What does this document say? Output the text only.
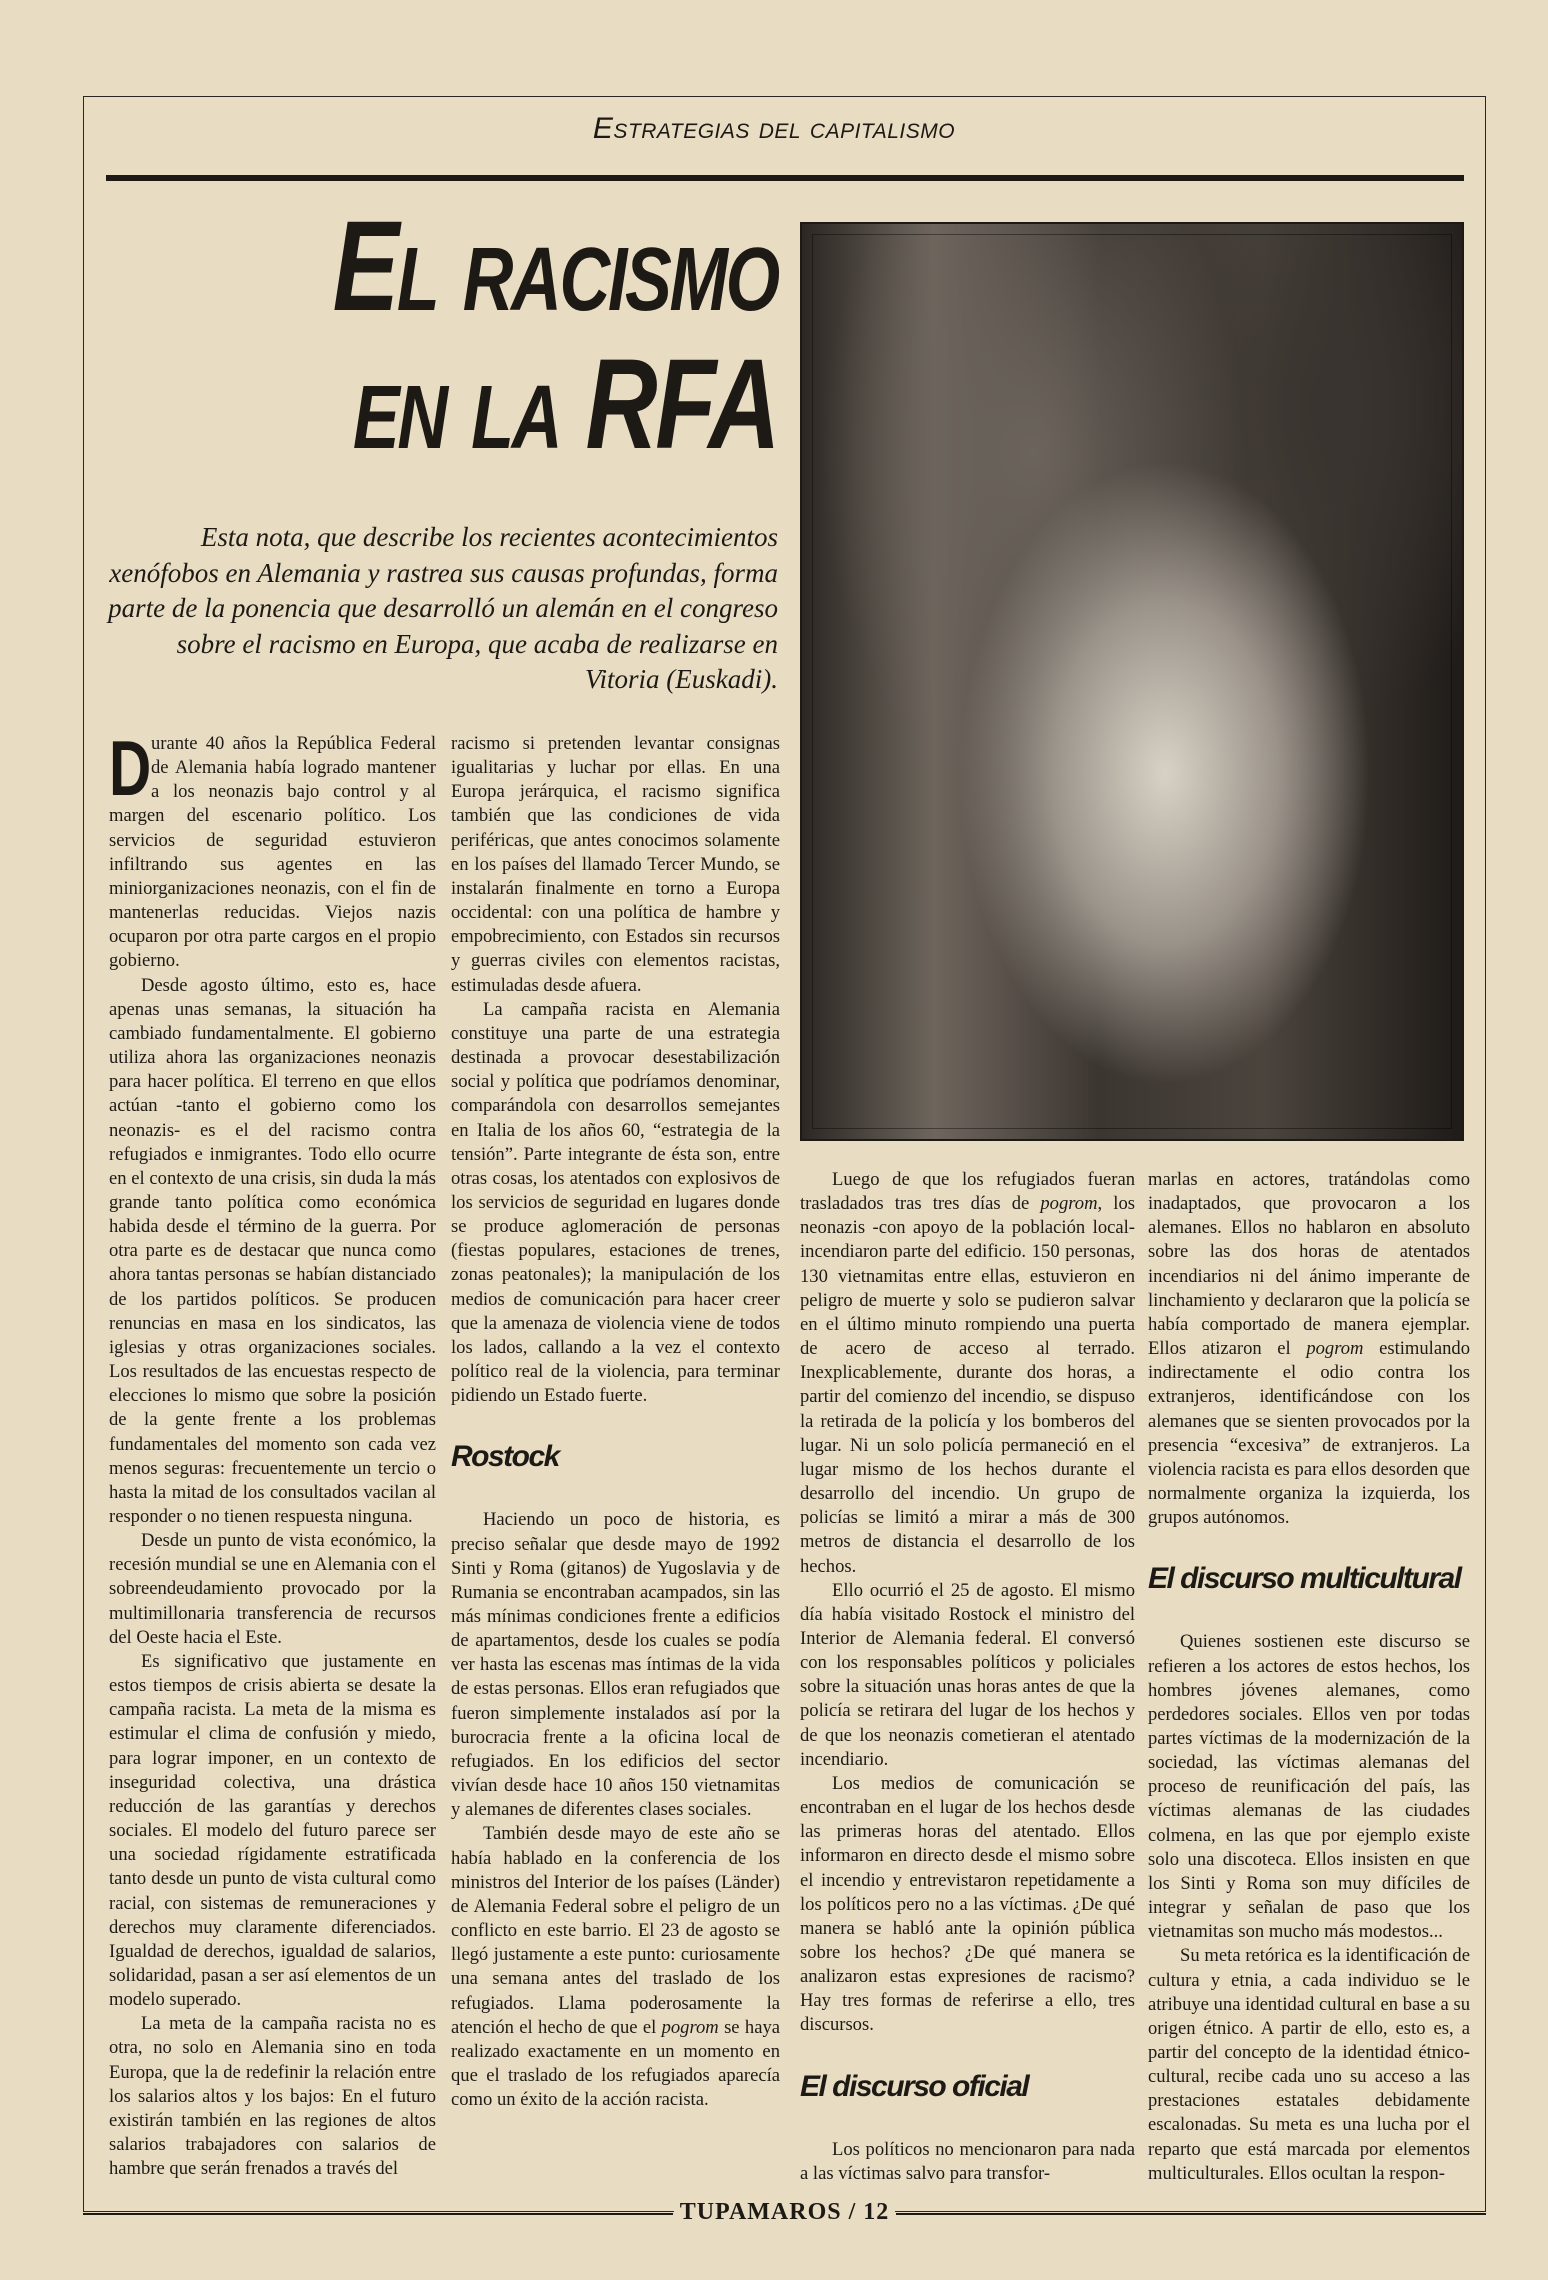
Estrategias del capitalismo
El racismo
en la RFA
Esta nota, que describe los recientes acontecimientos xenófobos en Alemania y rastrea sus causas profundas, forma parte de la ponencia que desarrolló un alemán en el congreso sobre el racismo en Europa, que acaba de realizarse en Vitoria (Euskadi).
D urante 40 años la República Federal de Alemania había logrado mantener a los neonazis bajo control y al margen del escenario político. Los servicios de seguridad estuvieron infiltrando sus agentes en las miniorganizaciones neonazis, con el fin de mantenerlas reducidas. Viejos nazis ocuparon por otra parte cargos en el propio gobierno.

Desde agosto último, esto es, hace apenas unas semanas, la situación ha cambiado fundamentalmente. El gobierno utiliza ahora las organizaciones neonazis para hacer política. El terreno en que ellos actúan -tanto el gobierno como los neonazis- es el del racismo contra refugiados e inmigrantes. Todo ello ocurre en el contexto de una crisis, sin duda la más grande tanto política como económica habida desde el término de la guerra. Por otra parte es de destacar que nunca como ahora tantas personas se habían distanciado de los partidos políticos. Se producen renuncias en masa en los sindicatos, las iglesias y otras organizaciones sociales. Los resultados de las encuestas respecto de elecciones lo mismo que sobre la posición de la gente frente a los problemas fundamentales del momento son cada vez menos seguras: frecuentemente un tercio o hasta la mitad de los consultados vacilan al responder o no tienen respuesta ninguna.

Desde un punto de vista económico, la recesión mundial se une en Alemania con el sobreendeudamiento provocado por la multimillonaria transferencia de recursos del Oeste hacia el Este.

Es significativo que justamente en estos tiempos de crisis abierta se desate la campaña racista. La meta de la misma es estimular el clima de confusión y miedo, para lograr imponer, en un contexto de inseguridad colectiva, una drástica reducción de las garantías y derechos sociales. El modelo del futuro parece ser una sociedad rígidamente estratificada tanto desde un punto de vista cultural como racial, con sistemas de remuneraciones y derechos muy claramente diferenciados. Igualdad de derechos, igualdad de salarios, solidaridad, pasan a ser así elementos de un modelo superado.

La meta de la campaña racista no es otra, no solo en Alemania sino en toda Europa, que la de redefinir la relación entre los salarios altos y los bajos: En el futuro existirán también en las regiones de altos salarios trabajadores con salarios de hambre que serán frenados a través del

racismo si pretenden levantar consignas igualitarias y luchar por ellas. En una Europa jerárquica, el racismo significa también que las condiciones de vida periféricas, que antes conocimos solamente en los países del llamado Tercer Mundo, se instalarán finalmente en torno a Europa occidental: con una política de hambre y empobrecimiento, con Estados sin recursos y guerras civiles con elementos racistas, estimuladas desde afuera.

La campaña racista en Alemania constituye una parte de una estrategia destinada a provocar desestabilización social y política que podríamos denominar, comparándola con desarrollos semejantes en Italia de los años 60, “estrategia de la tensión”. Parte integrante de ésta son, entre otras cosas, los atentados con explosivos de los servicios de seguridad en lugares donde se produce aglomeración de personas (fiestas populares, estaciones de trenes, zonas peatonales); la manipulación de los medios de comunicación para hacer creer que la amenaza de violencia viene de todos los lados, callando a la vez el contexto político real de la violencia, para terminar pidiendo un Estado fuerte.

Rostock

Haciendo un poco de historia, es preciso señalar que desde mayo de 1992 Sinti y Roma (gitanos) de Yugoslavia y de Rumania se encontraban acampados, sin las más mínimas condiciones frente a edificios de apartamentos, desde los cuales se podía ver hasta las escenas mas íntimas de la vida de estas personas. Ellos eran refugiados que fueron simplemente instalados así por la burocracia frente a la oficina local de refugiados. En los edificios del sector vivían desde hace 10 años 150 vietnamitas y alemanes de diferentes clases sociales.

También desde mayo de este año se había hablado en la conferencia de los ministros del Interior de los países (Länder) de Alemania Federal sobre el peligro de un conflicto en este barrio. El 23 de agosto se llegó justamente a este punto: curiosamente una semana antes del traslado de los refugiados. Llama poderosamente la atención el hecho de que el pogrom se haya realizado exactamente en un momento en que el traslado de los refugiados aparecía como un éxito de la acción racista.

Luego de que los refugiados fueran trasladados tras tres días de pogrom, los neonazis -con apoyo de la población local- incendiaron parte del edificio. 150 personas, 130 vietnamitas entre ellas, estuvieron en peligro de muerte y solo se pudieron salvar en el último minuto rompiendo una puerta de acero de acceso al terrado. Inexplicablemente, durante dos horas, a partir del comienzo del incendio, se dispuso la retirada de la policía y los bomberos del lugar. Ni un solo policía permaneció en el lugar mismo de los hechos durante el desarrollo del incendio. Un grupo de policías se limitó a mirar a más de 300 metros de distancia el desarrollo de los hechos.

Ello ocurrió el 25 de agosto. El mismo día había visitado Rostock el ministro del Interior de Alemania federal. El conversó con los responsables políticos y policiales sobre la situación unas horas antes de que la policía se retirara del lugar de los hechos y de que los neonazis cometieran el atentado incendiario.

Los medios de comunicación se encontraban en el lugar de los hechos desde las primeras horas del atentado. Ellos informaron en directo desde el mismo sobre el incendio y entrevistaron repetidamente a los políticos pero no a las víctimas. ¿De qué manera se habló ante la opinión pública sobre los hechos? ¿De qué manera se analizaron estas expresiones de racismo? Hay tres formas de referirse a ello, tres discursos.

El discurso oficial

Los políticos no mencionaron para nada a las víctimas salvo para transfor-

marlas en actores, tratándolas como inadaptados, que provocaron a los alemanes. Ellos no hablaron en absoluto sobre las dos horas de atentados incendiarios ni del ánimo imperante de linchamiento y declararon que la policía se había comportado de manera ejemplar. Ellos atizaron el pogrom estimulando indirectamente el odio contra los extranjeros, identificándose con los alemanes que se sienten provocados por la presencia “excesiva” de extranjeros. La violencia racista es para ellos desorden que normalmente organiza la izquierda, los grupos autónomos.

El discurso multicultural

Quienes sostienen este discurso se refieren a los actores de estos hechos, los hombres jóvenes alemanes, como perdedores sociales. Ellos ven por todas partes víctimas de la modernización de la sociedad, las víctimas alemanas del proceso de reunificación del país, las víctimas alemanas de las ciudades colmena, en las que por ejemplo existe solo una discoteca. Ellos insisten en que los Sinti y Roma son muy difíciles de integrar y señalan de paso que los vietnamitas son mucho más modestos...

Su meta retórica es la identificación de cultura y etnia, a cada individuo se le atribuye una identidad cultural en base a su origen étnico. A partir de ello, esto es, a partir del concepto de la identidad étnico-cultural, recibe cada uno su acceso a las prestaciones estatales debidamente escalonadas. Su meta es una lucha por el reparto que está marcada por elementos multiculturales. Ellos ocultan la respon-

TUPAMAROS / 12
